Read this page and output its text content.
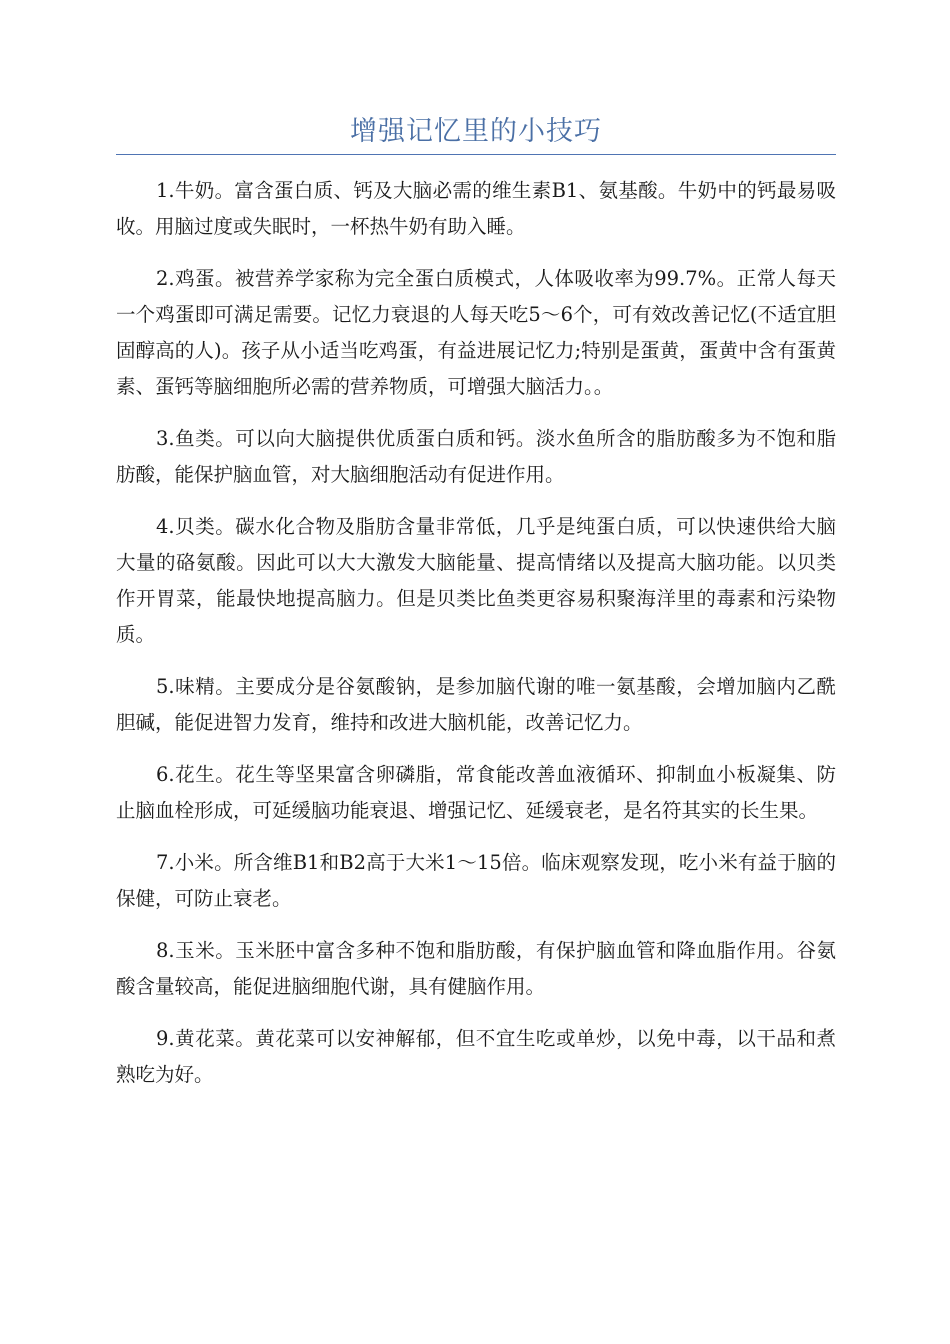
增强记忆里的小技巧

1.牛奶。富含蛋白质、钙及大脑必需的维生素B1、氨基酸。牛奶中的钙最易吸收。用脑过度或失眠时，一杯热牛奶有助入睡。

2.鸡蛋。被营养学家称为完全蛋白质模式，人体吸收率为99.7%。正常人每天一个鸡蛋即可满足需要。记忆力衰退的人每天吃5～6个，可有效改善记忆(不适宜胆固醇高的人)。孩子从小适当吃鸡蛋，有益进展记忆力;特别是蛋黄，蛋黄中含有蛋黄素、蛋钙等脑细胞所必需的营养物质，可增强大脑活力。。

3.鱼类。可以向大脑提供优质蛋白质和钙。淡水鱼所含的脂肪酸多为不饱和脂肪酸，能保护脑血管，对大脑细胞活动有促进作用。

4.贝类。碳水化合物及脂肪含量非常低，几乎是纯蛋白质，可以快速供给大脑大量的硌氨酸。因此可以大大激发大脑能量、提高情绪以及提高大脑功能。以贝类作开胃菜，能最快地提高脑力。但是贝类比鱼类更容易积聚海洋里的毒素和污染物质。

5.味精。主要成分是谷氨酸钠，是参加脑代谢的唯一氨基酸，会增加脑内乙酰胆碱，能促进智力发育，维持和改进大脑机能，改善记忆力。

6.花生。花生等坚果富含卵磷脂，常食能改善血液循环、抑制血小板凝集、防止脑血栓形成，可延缓脑功能衰退、增强记忆、延缓衰老，是名符其实的长生果。

7.小米。所含维B1和B2高于大米1～15倍。临床观察发现，吃小米有益于脑的保健，可防止衰老。

8.玉米。玉米胚中富含多种不饱和脂肪酸，有保护脑血管和降血脂作用。谷氨酸含量较高，能促进脑细胞代谢，具有健脑作用。

9.黄花菜。黄花菜可以安神解郁，但不宜生吃或单炒，以免中毒，以干品和煮熟吃为好。
